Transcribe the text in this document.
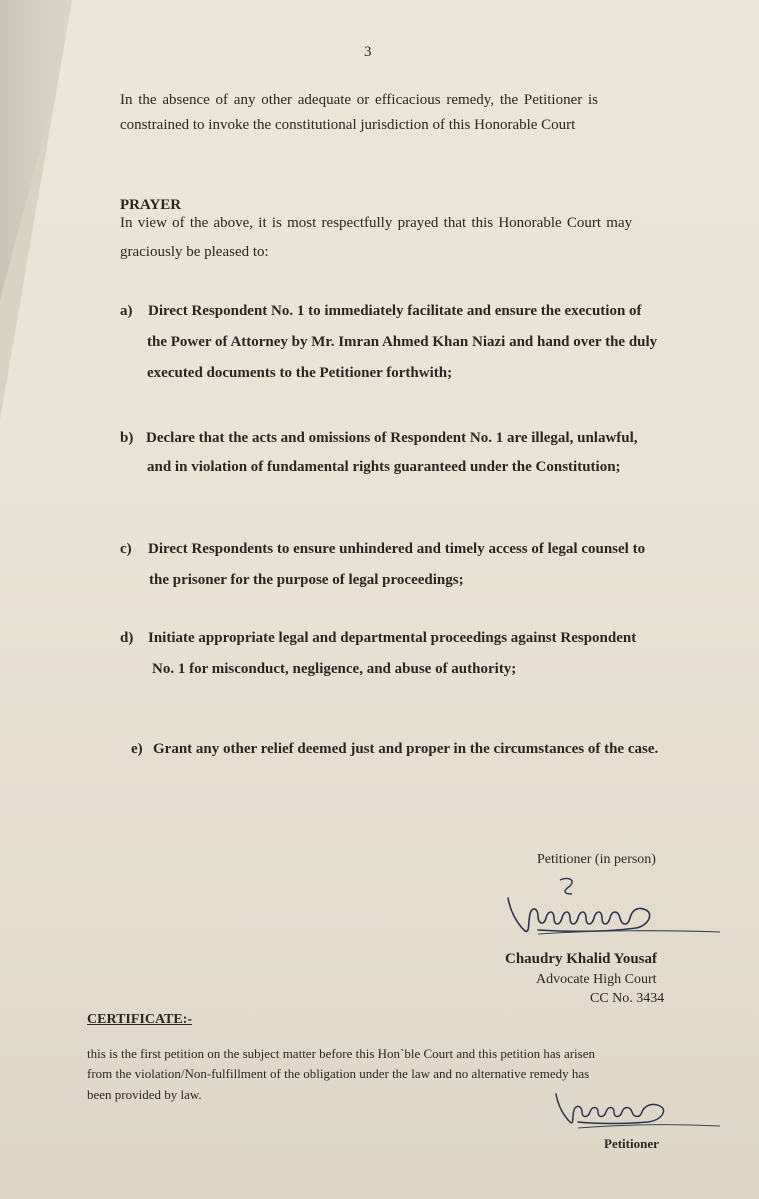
3
In the absence of any other adequate or efficacious remedy, the Petitioner is
constrained to invoke the constitutional jurisdiction of this Honorable Court
PRAYER
In view of the above, it is most respectfully prayed that this Honorable Court may
graciously be pleased to:
a) Direct Respondent No. 1 to immediately facilitate and ensure the execution of
the Power of Attorney by Mr. Imran Ahmed Khan Niazi and hand over the duly
executed documents to the Petitioner forthwith;
b) Declare that the acts and omissions of Respondent No. 1 are illegal, unlawful,
and in violation of fundamental rights guaranteed under the Constitution;
c) Direct Respondents to ensure unhindered and timely access of legal counsel to
the prisoner for the purpose of legal proceedings;
d) Initiate appropriate legal and departmental proceedings against Respondent
No. 1 for misconduct, negligence, and abuse of authority;
e) Grant any other relief deemed just and proper in the circumstances of the case.
Petitioner (in person)
Chaudry Khalid Yousaf
Advocate High Court
CC No. 3434
CERTIFICATE:-
this is the first petition on the subject matter before this Hon`ble Court and this petition has arisen
from the violation/Non-fulfillment of the obligation under the law and no alternative remedy has
been provided by law.
Petitioner
